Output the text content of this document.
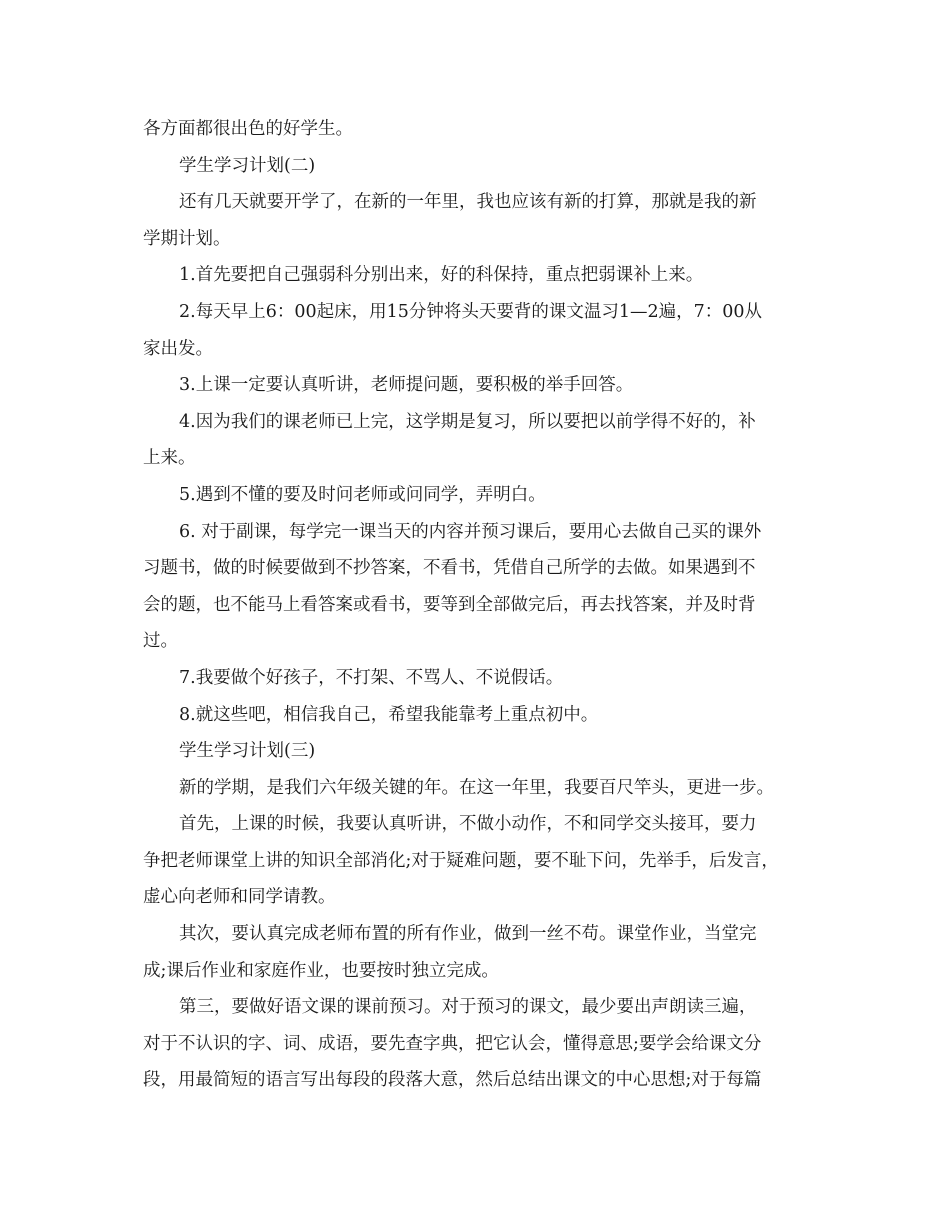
各方面都很出色的好学生。
学生学习计划(二)
还有几天就要开学了，在新的一年里，我也应该有新的打算，那就是我的新
学期计划。
1.首先要把自己强弱科分别出来，好的科保持，重点把弱课补上来。
2.每天早上6：00起床，用15分钟将头天要背的课文温习1—2遍，7：00从
家出发。
3.上课一定要认真听讲，老师提问题，要积极的举手回答。
4.因为我们的课老师已上完，这学期是复习，所以要把以前学得不好的，补
上来。
5.遇到不懂的要及时问老师或问同学，弄明白。
6. 对于副课，每学完一课当天的内容并预习课后，要用心去做自己买的课外
习题书，做的时候要做到不抄答案，不看书，凭借自己所学的去做。如果遇到不
会的题，也不能马上看答案或看书，要等到全部做完后，再去找答案，并及时背
过。
7.我要做个好孩子，不打架、不骂人、不说假话。
8.就这些吧，相信我自己，希望我能靠考上重点初中。
学生学习计划(三)
新的学期，是我们六年级关键的年。在这一年里，我要百尺竿头，更进一步。
首先，上课的时候，我要认真听讲，不做小动作，不和同学交头接耳，要力
争把老师课堂上讲的知识全部消化;对于疑难问题，要不耻下问，先举手，后发言，
虚心向老师和同学请教。
其次，要认真完成老师布置的所有作业，做到一丝不苟。课堂作业，当堂完
成;课后作业和家庭作业，也要按时独立完成。
第三，要做好语文课的课前预习。对于预习的课文，最少要出声朗读三遍，
对于不认识的字、词、成语，要先查字典，把它认会，懂得意思;要学会给课文分
段，用最简短的语言写出每段的段落大意，然后总结出课文的中心思想;对于每篇
